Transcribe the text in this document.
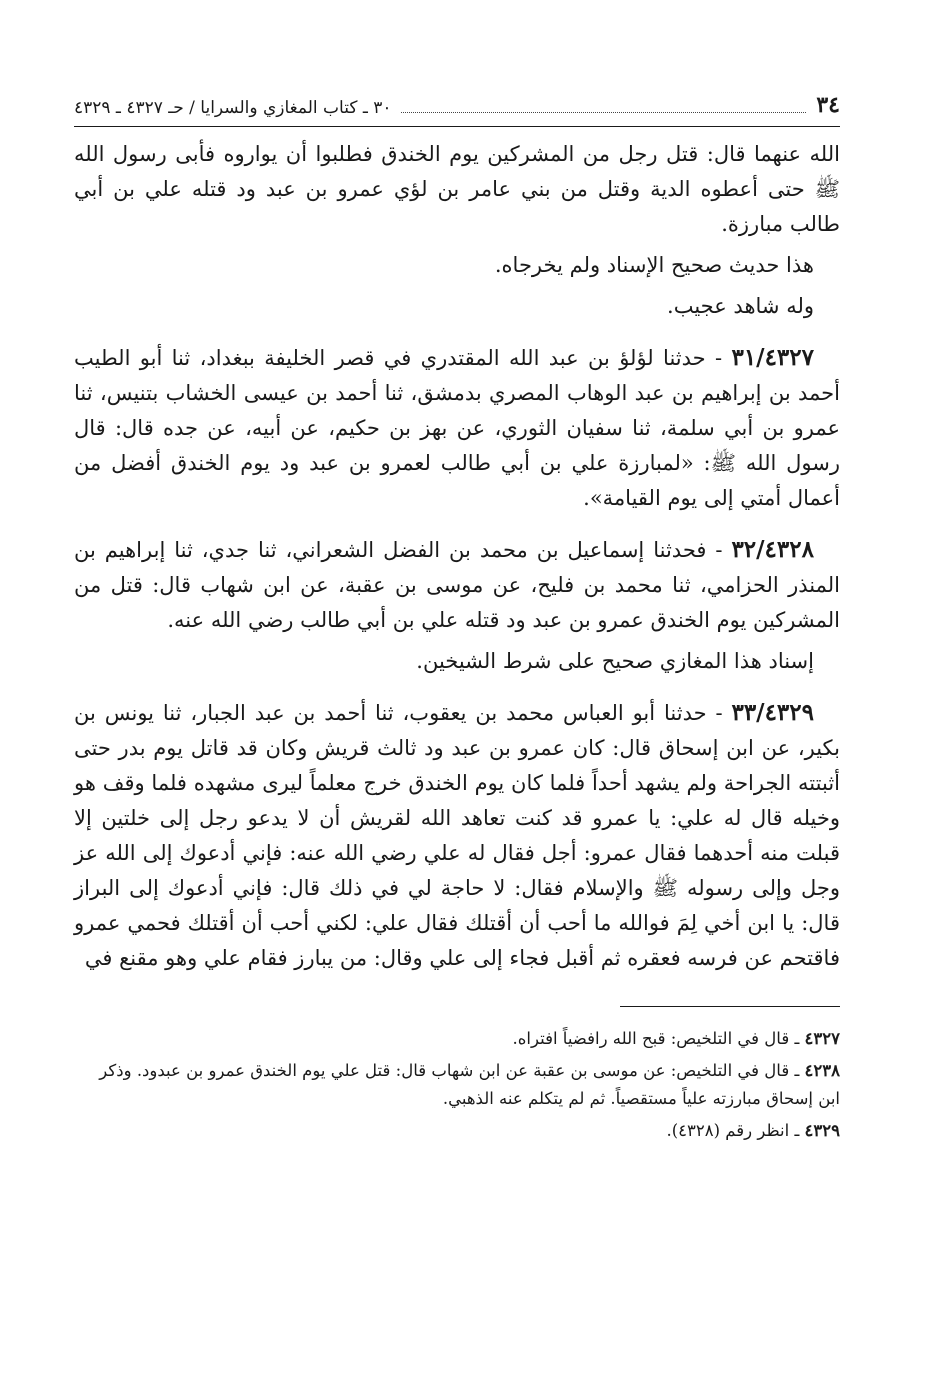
٣٤
٣٠ ـ كتاب المغازي والسرايا / حـ ٤٣٢٧ ـ ٤٣٢٩

الله عنهما قال: قتل رجل من المشركين يوم الخندق فطلبوا أن يواروه فأبى رسول الله ﷺ حتى أعطوه الدية وقتل من بني عامر بن لؤي عمرو بن عبد ود قتله علي بن أبي طالب مبارزة.

هذا حديث صحيح الإسناد ولم يخرجاه.

وله شاهد عجيب.

٣١/٤٣٢٧ - حدثنا لؤلؤ بن عبد الله المقتدري في قصر الخليفة ببغداد، ثنا أبو الطيب أحمد بن إبراهيم بن عبد الوهاب المصري بدمشق، ثنا أحمد بن عيسى الخشاب بتنيس، ثنا عمرو بن أبي سلمة، ثنا سفيان الثوري، عن بهز بن حكيم، عن أبيه، عن جده قال: قال رسول الله ﷺ: «لمبارزة علي بن أبي طالب لعمرو بن عبد ود يوم الخندق أفضل من أعمال أمتي إلى يوم القيامة».

٣٢/٤٣٢٨ - فحدثنا إسماعيل بن محمد بن الفضل الشعراني، ثنا جدي، ثنا إبراهيم بن المنذر الحزامي، ثنا محمد بن فليح، عن موسى بن عقبة، عن ابن شهاب قال: قتل من المشركين يوم الخندق عمرو بن عبد ود قتله علي بن أبي طالب رضي الله عنه.

إسناد هذا المغازي صحيح على شرط الشيخين.

٣٣/٤٣٢٩ - حدثنا أبو العباس محمد بن يعقوب، ثنا أحمد بن عبد الجبار، ثنا يونس بن بكير، عن ابن إسحاق قال: كان عمرو بن عبد ود ثالث قريش وكان قد قاتل يوم بدر حتى أثبتته الجراحة ولم يشهد أحداً فلما كان يوم الخندق خرج معلماً ليرى مشهده فلما وقف هو وخيله قال له علي: يا عمرو قد كنت تعاهد الله لقريش أن لا يدعو رجل إلى خلتين إلا قبلت منه أحدهما فقال عمرو: أجل فقال له علي رضي الله عنه: فإني أدعوك إلى الله عز وجل وإلى رسوله ﷺ والإسلام فقال: لا حاجة لي في ذلك قال: فإني أدعوك إلى البراز قال: يا ابن أخي لِمَ فوالله ما أحب أن أقتلك فقال علي: لكني أحب أن أقتلك فحمي عمرو فاقتحم عن فرسه فعقره ثم أقبل فجاء إلى علي وقال: من يبارز فقام علي وهو مقنع في

٤٣٢٧ ـ قال في التلخيص: قبح الله رافضياً افتراه.

٤٢٣٨ ـ قال في التلخيص: عن موسى بن عقبة عن ابن شهاب قال: قتل علي يوم الخندق عمرو بن عبدود. وذكر ابن إسحاق مبارزته علياً مستقصياً. ثم لم يتكلم عنه الذهبي.

٤٣٢٩ ـ انظر رقم (٤٣٢٨).
